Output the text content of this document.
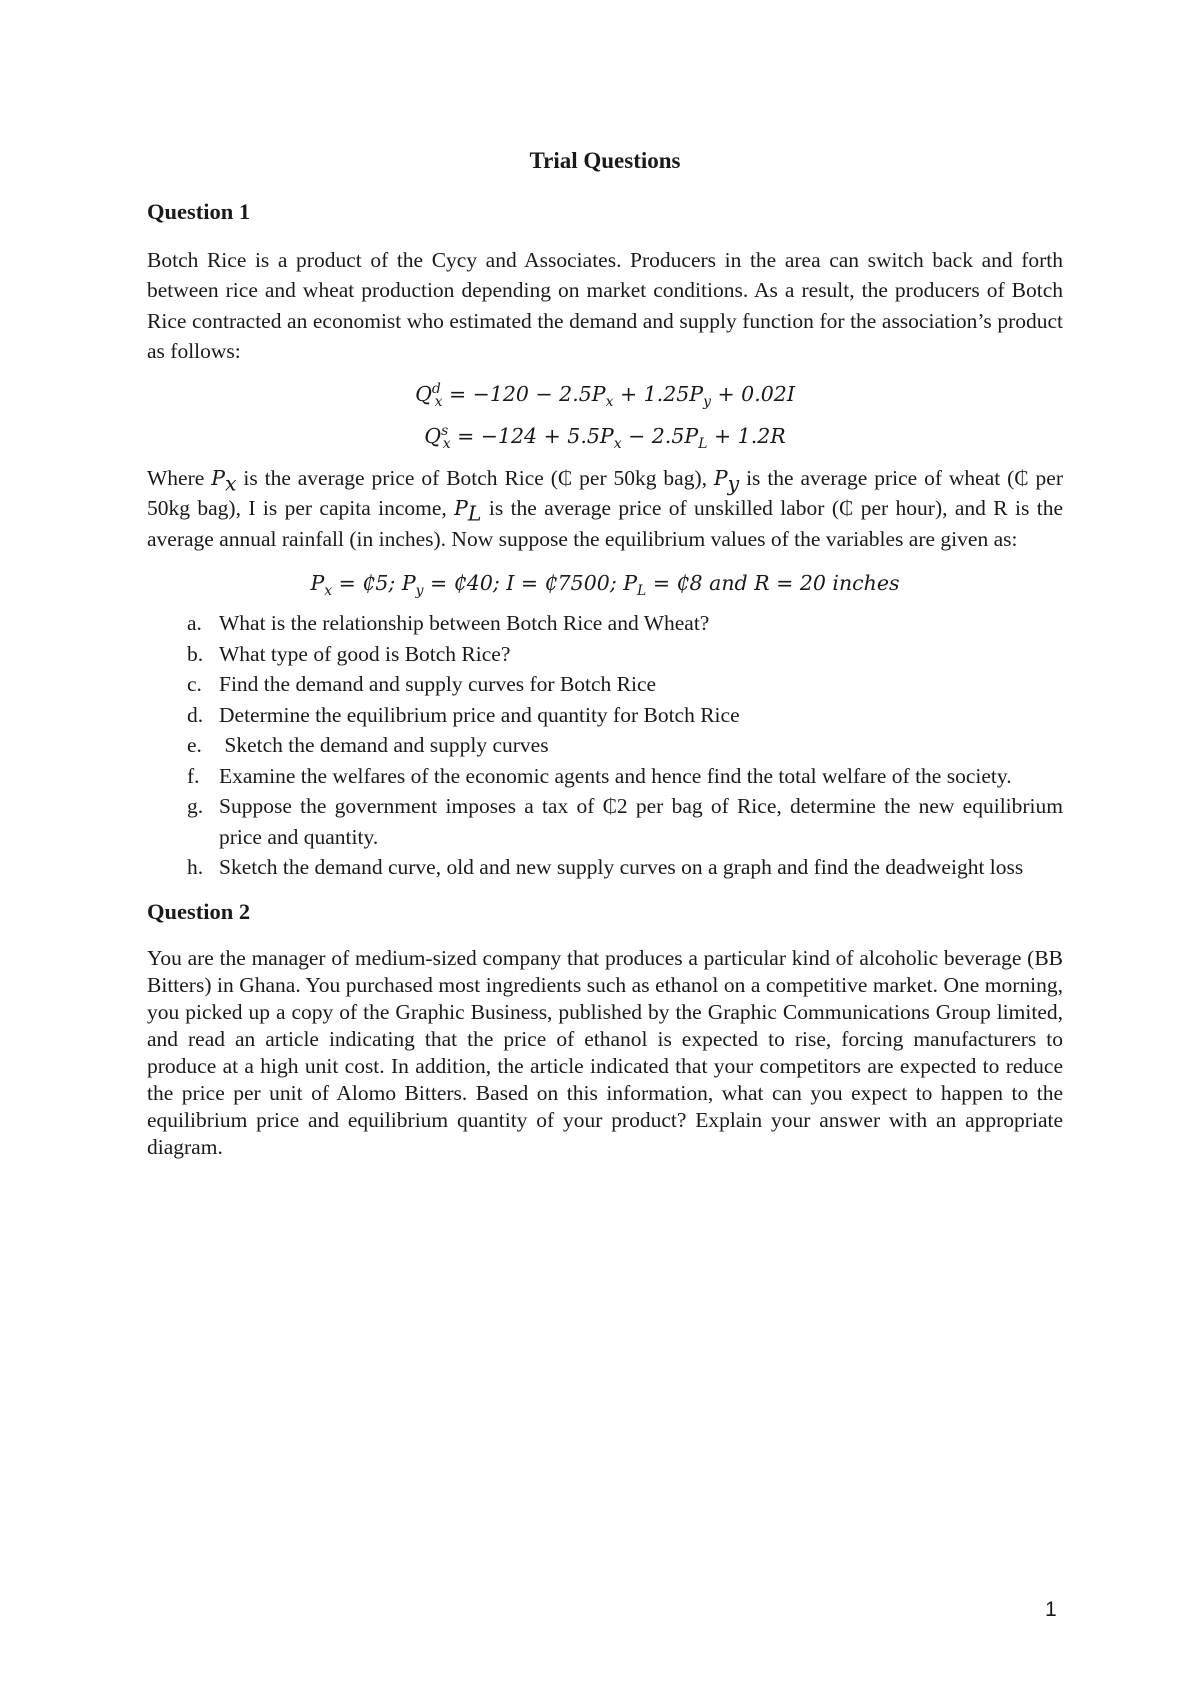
Trial Questions
Question 1

Botch Rice is a product of the Cycy and Associates. Producers in the area can switch back and forth between rice and wheat production depending on market conditions. As a result, the producers of Botch Rice contracted an economist who estimated the demand and supply function for the association’s product as follows:

$Q^d_x = -120 - 2.5P_x + 1.25P_y + 0.02I$
$Q^s_x = -124 + 5.5P_x - 2.5P_L + 1.2R$

Where $P_x$ is the average price of Botch Rice (₵ per 50kg bag), $P_y$ is the average price of wheat (₵ per 50kg bag), I is per capita income, $P_L$ is the average price of unskilled labor (₵ per hour), and R is the average annual rainfall (in inches). Now suppose the equilibrium values of the variables are given as:

$P_x$ = ₵5; $P_y$ = ₵40; I = ₵7500; $P_L$ = ₵8 and R = 20 inches
a. What is the relationship between Botch Rice and Wheat?
b. What type of good is Botch Rice?
c. Find the demand and supply curves for Botch Rice
d. Determine the equilibrium price and quantity for Botch Rice
e. Sketch the demand and supply curves
f. Examine the welfares of the economic agents and hence find the total welfare of the society.
g. Suppose the government imposes a tax of ₵2 per bag of Rice, determine the new equilibrium price and quantity.
h. Sketch the demand curve, old and new supply curves on a graph and find the deadweight loss
Question 2

You are the manager of medium-sized company that produces a particular kind of alcoholic beverage (BB Bitters) in Ghana. You purchased most ingredients such as ethanol on a competitive market. One morning, you picked up a copy of the Graphic Business, published by the Graphic Communications Group limited, and read an article indicating that the price of ethanol is expected to rise, forcing manufacturers to produce at a high unit cost. In addition, the article indicated that your competitors are expected to reduce the price per unit of Alomo Bitters. Based on this information, what can you expect to happen to the equilibrium price and equilibrium quantity of your product? Explain your answer with an appropriate diagram.

1
